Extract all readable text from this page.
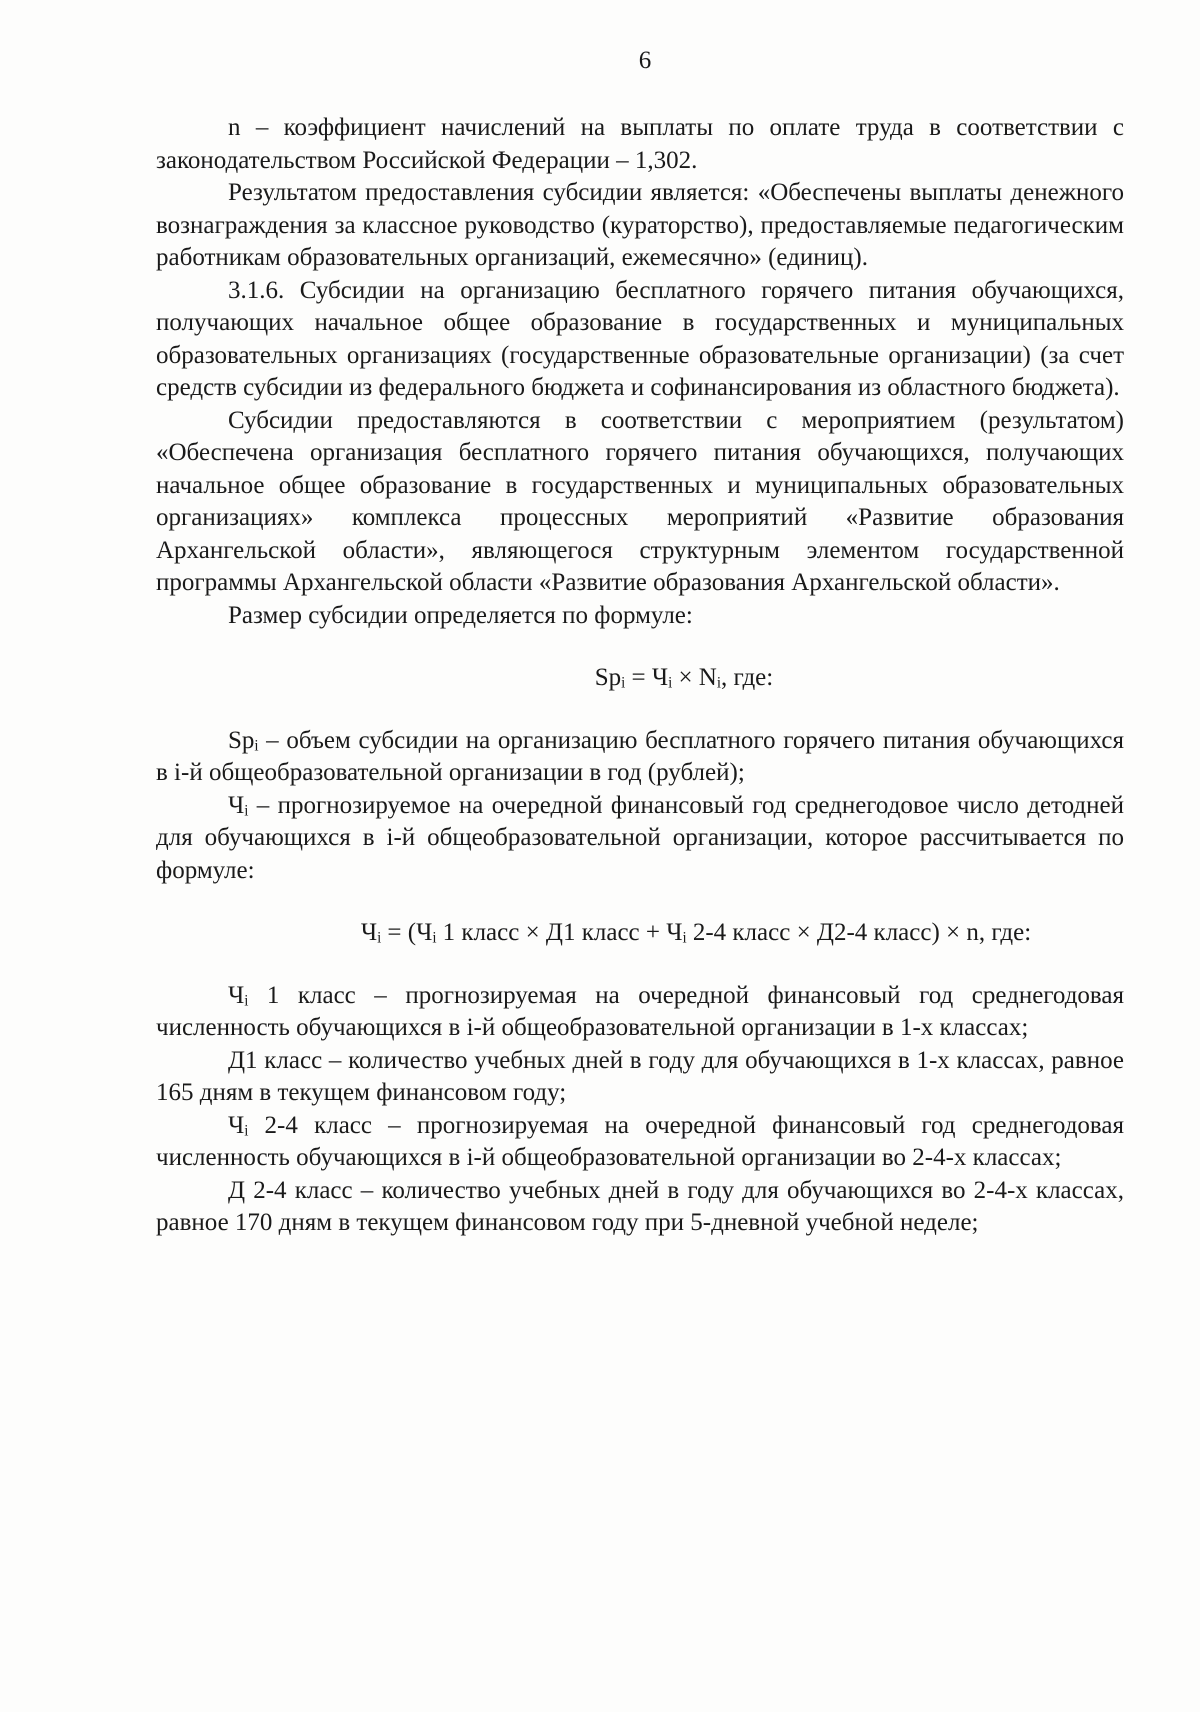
6

n – коэффициент начислений на выплаты по оплате труда в соответствии с законодательством Российской Федерации – 1,302.

Результатом предоставления субсидии является: «Обеспечены выплаты денежного вознаграждения за классное руководство (кураторство), предоставляемые педагогическим работникам образовательных организаций, ежемесячно» (единиц).

3.1.6. Субсидии на организацию бесплатного горячего питания обучающихся, получающих начальное общее образование в государственных и муниципальных образовательных организациях (государственные образовательные организации) (за счет средств субсидии из федерального бюджета и софинансирования из областного бюджета).

Субсидии предоставляются в соответствии с мероприятием (результатом) «Обеспечена организация бесплатного горячего питания обучающихся, получающих начальное общее образование в государственных и муниципальных образовательных организациях» комплекса процессных мероприятий «Развитие образования Архангельской области», являющегося структурным элементом государственной программы Архангельской области «Развитие образования Архангельской области».

Размер субсидии определяется по формуле:

Spᵢ = Чᵢ × Nᵢ, где:

Spᵢ – объем субсидии на организацию бесплатного горячего питания обучающихся в i-й общеобразовательной организации в год (рублей);

Чᵢ – прогнозируемое на очередной финансовый год среднегодовое число детодней для обучающихся в i-й общеобразовательной организации, которое рассчитывается по формуле:

Чᵢ = (Чᵢ 1 класс × Д1 класс + Чᵢ 2-4 класс × Д2-4 класс) × n, где:

Чᵢ 1 класс – прогнозируемая на очередной финансовый год среднегодовая численность обучающихся в i-й общеобразовательной организации в 1-х классах;

Д1 класс – количество учебных дней в году для обучающихся в 1-х классах, равное 165 дням в текущем финансовом году;

Чᵢ 2-4 класс – прогнозируемая на очередной финансовый год среднегодовая численность обучающихся в i-й общеобразовательной организации во 2-4-х классах;

Д 2-4 класс – количество учебных дней в году для обучающихся во 2-4-х классах, равное 170 дням в текущем финансовом году при 5-дневной учебной неделе;
